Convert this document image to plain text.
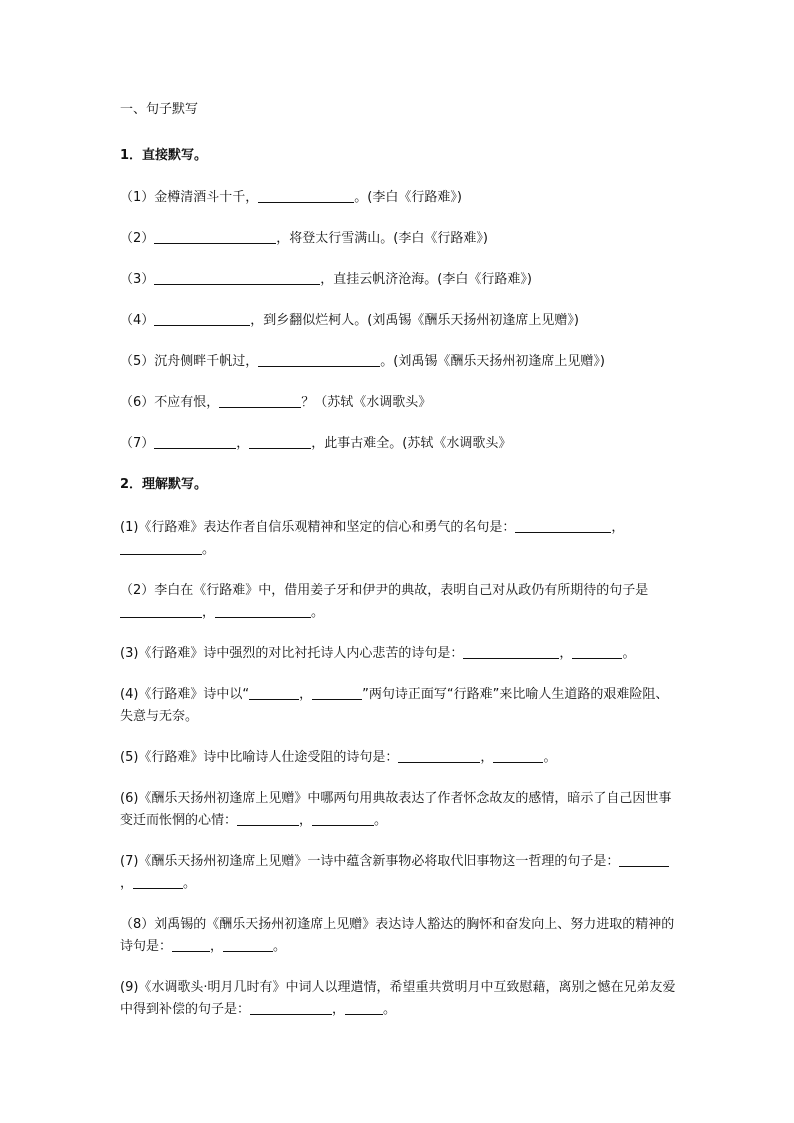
一、句子默写

1．直接默写。

（1）金樽清酒斗十千，	。(李白《行路难》)

（2）	，将登太行雪满山。(李白《行路难》)

（3）	，直挂云帆济沧海。(李白《行路难》)

（4）	，到乡翻似烂柯人。(刘禹锡《酬乐天扬州初逢席上见赠》)

（5）沉舟侧畔千帆过，	。(刘禹锡《酬乐天扬州初逢席上见赠》)

（6）不应有恨，	？（苏轼《水调歌头》

（7）	，	，此事古难全。(苏轼《水调歌头》

2．理解默写。

(1)《行路难》表达作者自信乐观精神和坚定的信心和勇气的名句是：	，。

（2）李白在《行路难》中，借用姜子牙和伊尹的典故，表明自己对从政仍有所期待的句子是，	。

(3)《行路难》诗中强烈的对比衬托诗人内心悲苦的诗句是：	，	。

(4)《行路难》诗中以“	，	”两句诗正面写“行路难”来比喻人生道路的艰难险阻、失意与无奈。

(5)《行路难》诗中比喻诗人仕途受阻的诗句是：	，	。

(6)《酬乐天扬州初逢席上见赠》中哪两句用典故表达了作者怀念故友的感情，暗示了自己因世事变迁而怅惘的心情：	，	。

(7)《酬乐天扬州初逢席上见赠》一诗中蕴含新事物必将取代旧事物这一哲理的句子是：，	。

（8）刘禹锡的《酬乐天扬州初逢席上见赠》表达诗人豁达的胸怀和奋发向上、努力进取的精神的诗句是：	，	。

(9)《水调歌头·明月几时有》中词人以理遣情，希望重共赏明月中互致慰藉，离别之憾在兄弟友爱中得到补偿的句子是：	，	。
